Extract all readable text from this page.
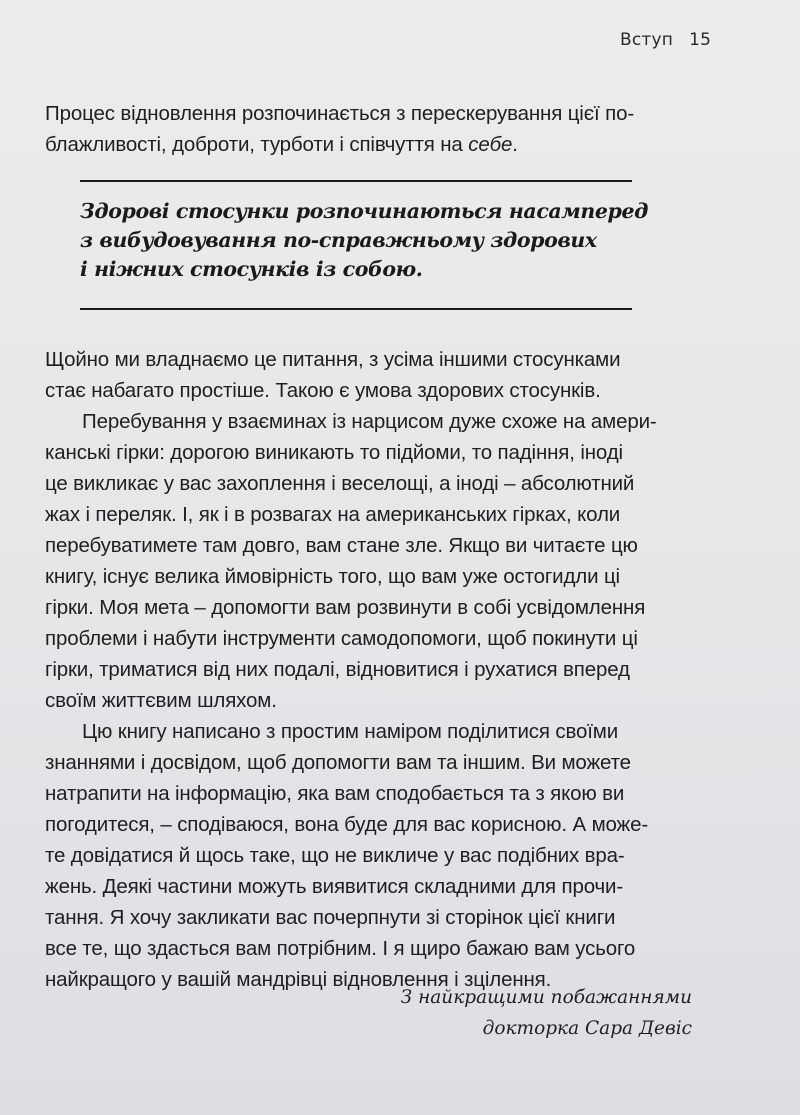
Вступ 15

Процес відновлення розпочинається з перескерування цієї по-
блажливості, доброти, турботи і співчуття на себе.

Здорові стосунки розпочинаються насамперед
з вибудовування по-справжньому здорових
і ніжних стосунків із собою.

Щойно ми владнаємо це питання, з усіма іншими стосунками
стає набагато простіше. Такою є умова здорових стосунків.

Перебування у взаєминах із нарцисом дуже схоже на амери-
канські гірки: дорогою виникають то підйоми, то падіння, іноді
це викликає у вас захоплення і веселощі, а іноді – абсолютний
жах і переляк. І, як і в розвагах на американських гірках, коли
перебуватимете там довго, вам стане зле. Якщо ви читаєте цю
книгу, існує велика ймовірність того, що вам уже остогидли ці
гірки. Моя мета – допомогти вам розвинути в собі усвідомлення
проблеми і набути інструменти самодопомоги, щоб покинути ці
гірки, триматися від них подалі, відновитися і рухатися вперед
своїм життєвим шляхом.

Цю книгу написано з простим наміром поділитися своїми
знаннями і досвідом, щоб допомогти вам та іншим. Ви можете
натрапити на інформацію, яка вам сподобається та з якою ви
погодитеся, – сподіваюся, вона буде для вас корисною. А може-
те довідатися й щось таке, що не викличе у вас подібних вра-
жень. Деякі частини можуть виявитися складними для прочи-
тання. Я хочу закликати вас почерпнути зі сторінок цієї книги
все те, що здасться вам потрібним. І я щиро бажаю вам усього
найкращого у вашій мандрівці відновлення і зцілення.

З найкращими побажаннями
докторка Сара Девіс
